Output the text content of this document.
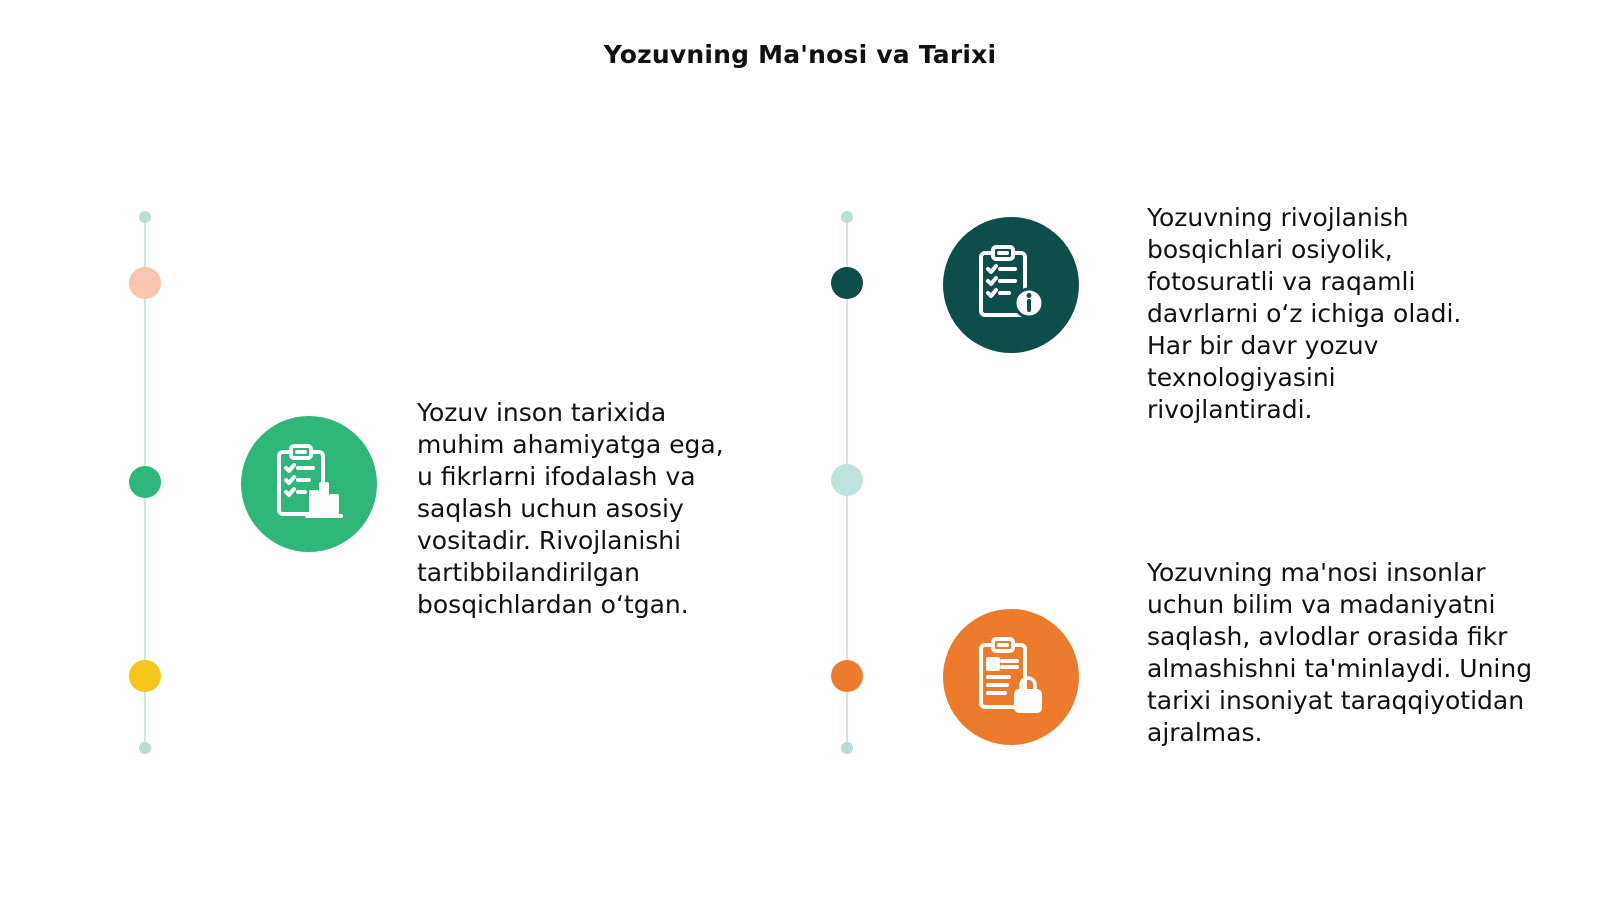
Yozuvning Ma'nosi va Tarixi
Yozuv inson tarixida muhim ahamiyatga ega, u fikrlarni ifodalash va saqlash uchun asosiy vositadir. Rivojlanishi tartibbilandirilgan bosqichlardan o‘tgan.
Yozuvning rivojlanish bosqichlari osiyolik, fotosuratli va raqamli davrlarni o‘z ichiga oladi. Har bir davr yozuv texnologiyasini rivojlantiradi.
Yozuvning ma'nosi insonlar uchun bilim va madaniyatni saqlash, avlodlar orasida fikr almashishni ta'minlaydi. Uning tarixi insoniyat taraqqiyotidan ajralmas.
